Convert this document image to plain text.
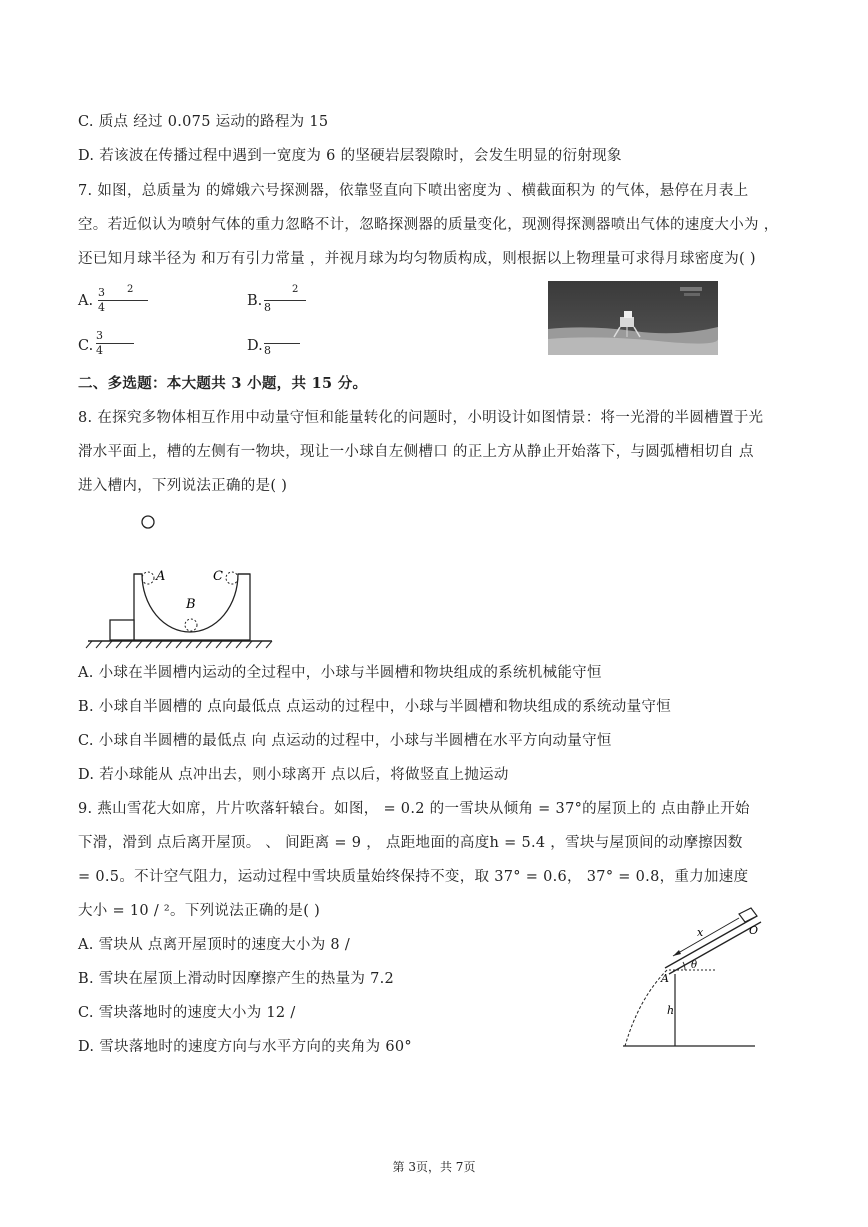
C. 质点 经过 0.075 运动的路程为 15
D. 若该波在传播过程中遇到一宽度为 6 的坚硬岩层裂隙时，会发生明显的衍射现象
7. 如图，总质量为 的嫦娥六号探测器，依靠竖直向下喷出密度为 、横截面积为 的气体，悬停在月表上
空。若近似认为喷射气体的重力忽略不计，忽略探测器的质量变化，现测得探测器喷出气体的速度大小为 ，
还已知月球半径为 和万有引力常量 ，并视月球为均匀物质构成，则根据以上物理量可求得月球密度为( )
A.
3
4
2
B. 8
2
C.
3
4	D. 8
二、多选题：本大题共 3 小题，共 15 分。
8. 在探究多物体相互作用中动量守恒和能量转化的问题时，小明设计如图情景：将一光滑的半圆槽置于光
滑水平面上，槽的左侧有一物块，现让一小球自左侧槽口 的正上方从静止开始落下，与圆弧槽相切自 点
进入槽内，下列说法正确的是( )
A	C
B
A. 小球在半圆槽内运动的全过程中，小球与半圆槽和物块组成的系统机械能守恒
B. 小球自半圆槽的 点向最低点 点运动的过程中，小球与半圆槽和物块组成的系统动量守恒
C. 小球自半圆槽的最低点 向 点运动的过程中，小球与半圆槽在水平方向动量守恒
D. 若小球能从 点冲出去，则小球离开 点以后，将做竖直上抛运动
9. 燕山雪花大如席，片片吹落轩辕台。如图， = 0.2 的一雪块从倾角 = 37°的屋顶上的 点由静止开始
下滑，滑到 点后离开屋顶。 、 间距离 = 9 ， 点距地面的高度h = 5.4 ，雪块与屋顶间的动摩擦因数
= 0.5。不计空气阻力，运动过程中雪块质量始终保持不变，取 37° = 0.6， 37° = 0.8，重力加速度
大小 = 10 / ²。下列说法正确的是( )
A. 雪块从 点离开屋顶时的速度大小为 8 /
B. 雪块在屋顶上滑动时因摩擦产生的热量为 7.2
C. 雪块落地时的速度大小为 12 /
D. 雪块落地时的速度方向与水平方向的夹角为 60°
x	O
θ
A
h
第 3页，共 7页
